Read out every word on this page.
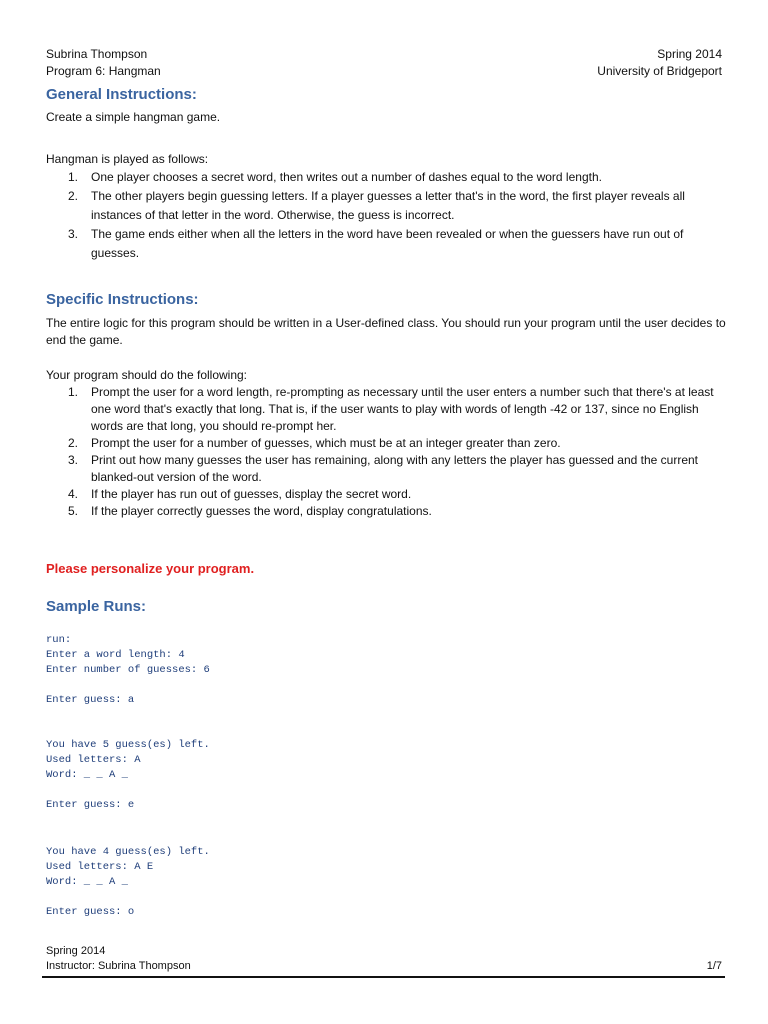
Subrina Thompson
Program 6: Hangman
Spring 2014
University of Bridgeport
General Instructions:
Create a simple hangman game.
Hangman is played as follows:
1. One player chooses a secret word, then writes out a number of dashes equal to the word length.
2. The other players begin guessing letters. If a player guesses a letter that's in the word, the first player reveals all instances of that letter in the word. Otherwise, the guess is incorrect.
3. The game ends either when all the letters in the word have been revealed or when the guessers have run out of guesses.
Specific Instructions:
The entire logic for this program should be written in a User-defined class. You should run your program until the user decides to end the game.
Your program should do the following:
1. Prompt the user for a word length, re-prompting as necessary until the user enters a number such that there's at least one word that's exactly that long. That is, if the user wants to play with words of length -42 or 137, since no English words are that long, you should re-prompt her.
2. Prompt the user for a number of guesses, which must be at an integer greater than zero.
3. Print out how many guesses the user has remaining, along with any letters the player has guessed and the current blanked-out version of the word.
4. If the player has run out of guesses, display the secret word.
5. If the player correctly guesses the word, display congratulations.
Please personalize your program.
Sample Runs:
run:
Enter a word length: 4
Enter number of guesses: 6

Enter guess: a
You have 5 guess(es) left.
Used letters: A
Word: _ _ A _

Enter guess: e
You have 4 guess(es) left.
Used letters: A E
Word: _ _ A _

Enter guess: o
Spring 2014
Instructor: Subrina Thompson	1/7
